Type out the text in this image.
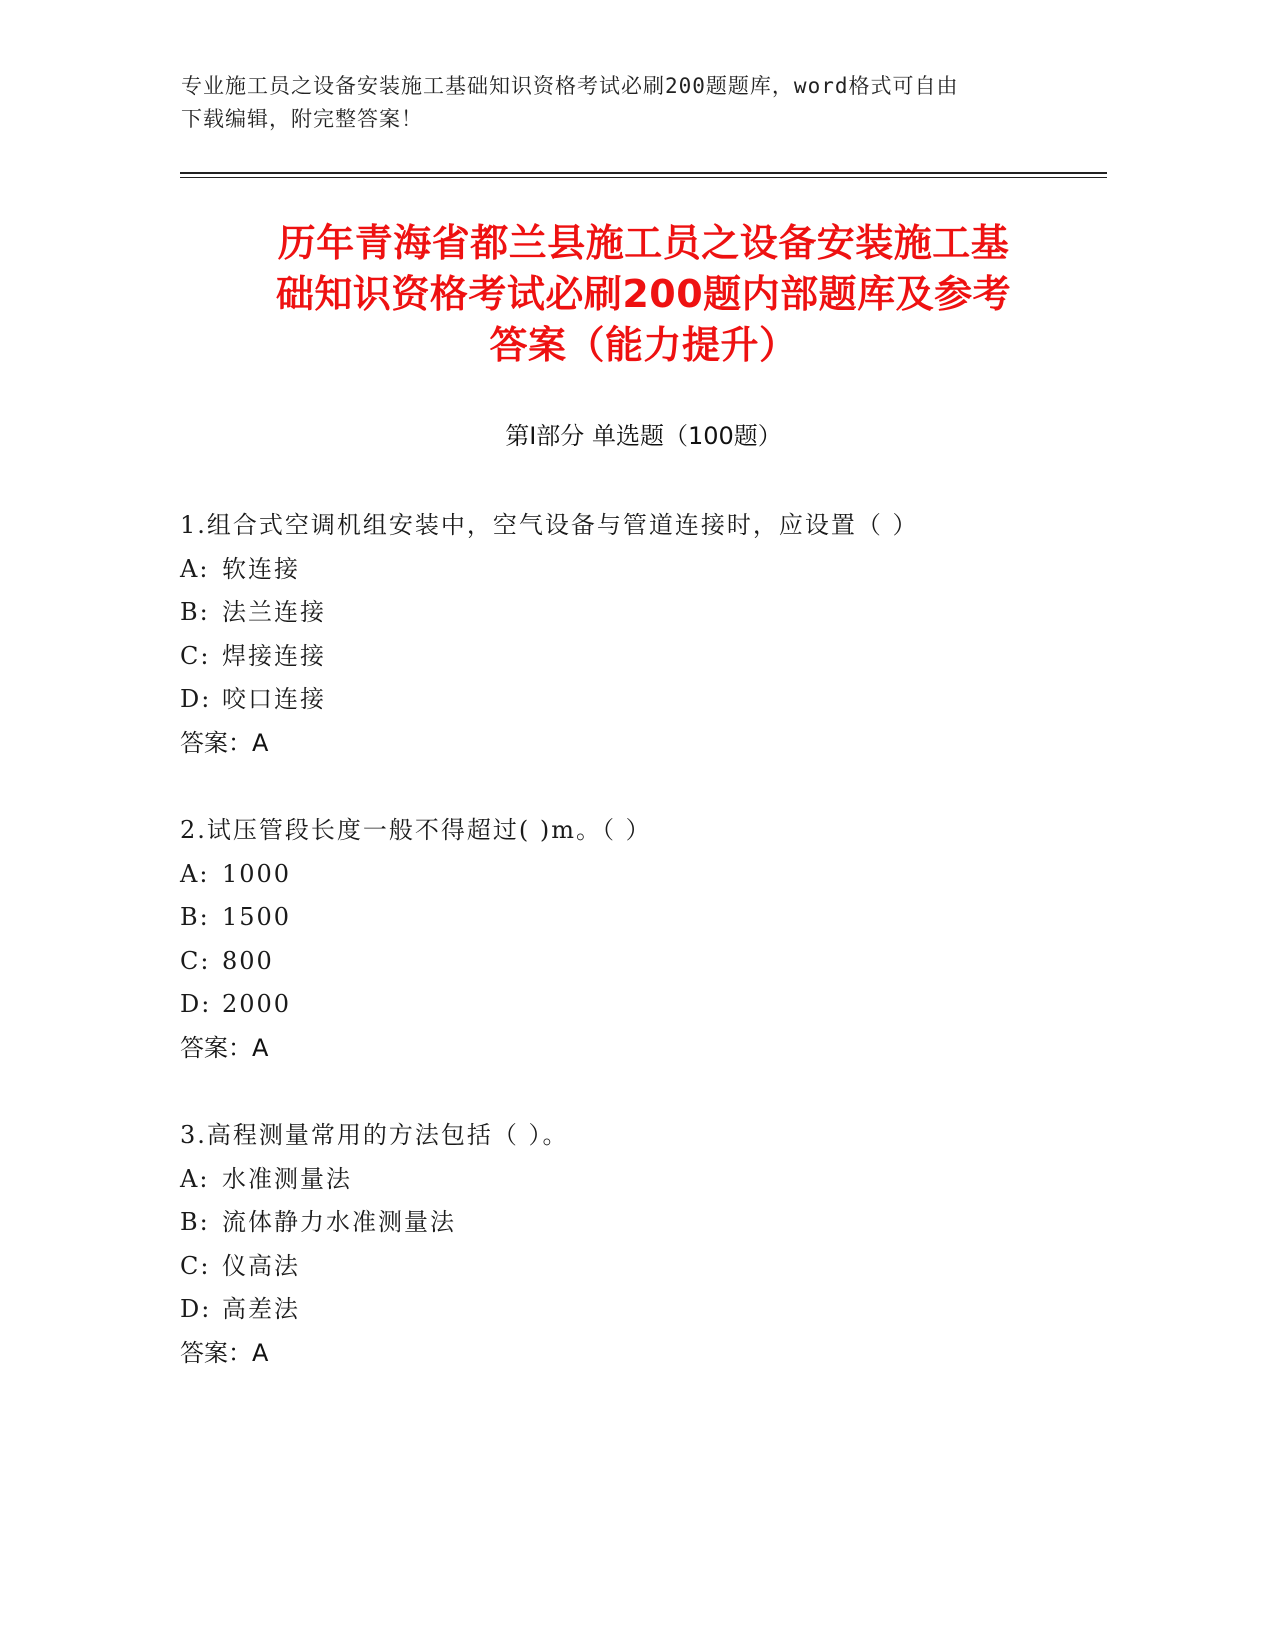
专业施工员之设备安装施工基础知识资格考试必刷200题题库，word格式可自由
下载编辑，附完整答案！
历年青海省都兰县施工员之设备安装施工基
础知识资格考试必刷200题内部题库及参考
答案（能力提升）
第Ⅰ部分 单选题（100题）
1.组合式空调机组安装中，空气设备与管道连接时，应设置（ ）
A: 软连接
B: 法兰连接
C: 焊接连接
D: 咬口连接
答案：A
2.试压管段长度一般不得超过( )m。（ ）
A: 1000
B: 1500
C: 800
D: 2000
答案：A
3.高程测量常用的方法包括（ ）。
A: 水准测量法
B: 流体静力水准测量法
C: 仪高法
D: 高差法
答案：A
